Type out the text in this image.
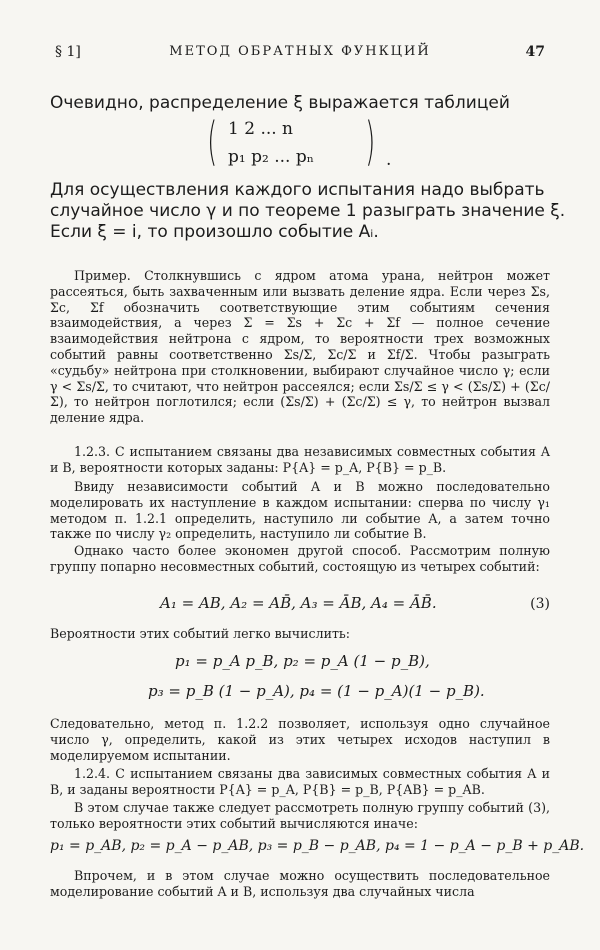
§ 1]	МЕТОД ОБРАТНЫХ ФУНКЦИЙ	47

Очевидно, распределение ξ выражается таблицей

( 1 2 ... n
p₁ p₂ ... pₙ ) .

Для осуществления каждого испытания надо выбрать случайное число γ и по теореме 1 разыграть значение ξ. Если ξ = i, то произошло событие Aᵢ.

Пример. Столкнувшись с ядром атома урана, нейтрон может рассеяться, быть захваченным или вызвать деление ядра. Если через Σs, Σc, Σf обозначить соответствующие этим событиям сечения взаимодействия, а через Σ = Σs + Σc + Σf — полное сечение взаимодействия нейтрона с ядром, то вероятности трех возможных событий равны соответственно Σs/Σ, Σc/Σ и Σf/Σ. Чтобы разыграть «судьбу» нейтрона при столкновении, выбирают случайное число γ; если γ < Σs/Σ, то считают, что нейтрон рассеялся; если Σs/Σ ≤ γ < (Σs/Σ) + (Σc/Σ), то нейтрон поглотился; если (Σs/Σ) + (Σc/Σ) ≤ γ, то нейтрон вызвал деление ядра.

1.2.3. С испытанием связаны два независимых совместных события A и B, вероятности которых заданы: P{A} = p_A, P{B} = p_B.

Ввиду независимости событий A и B можно последовательно моделировать их наступление в каждом испытании: сперва по числу γ₁ методом п. 1.2.1 определить, наступило ли событие A, а затем точно также по числу γ₂ определить, наступило ли событие B.

Однако часто более экономен другой способ. Рассмотрим полную группу попарно несовместных событий, состоящую из четырех событий:

A₁ = AB, A₂ = AB̄, A₃ = ĀB, A₄ = ĀB̄.	(3)

Вероятности этих событий легко вычислить:

p₁ = p_A p_B, p₂ = p_A (1 − p_B),
p₃ = p_B (1 − p_A), p₄ = (1 − p_A)(1 − p_B).

Следовательно, метод п. 1.2.2 позволяет, используя одно случайное число γ, определить, какой из этих четырех исходов наступил в моделируемом испытании.

1.2.4. С испытанием связаны два зависимых совместных события A и B, и заданы вероятности P{A} = p_A, P{B} = p_B, P{AB} = p_AB.

В этом случае также следует рассмотреть полную группу событий (3), только вероятности этих событий вычисляются иначе:

p₁ = p_AB, p₂ = p_A − p_AB, p₃ = p_B − p_AB, p₄ = 1 − p_A − p_B + p_AB.

Впрочем, и в этом случае можно осуществить последовательное моделирование событий A и B, используя два случайных числа
